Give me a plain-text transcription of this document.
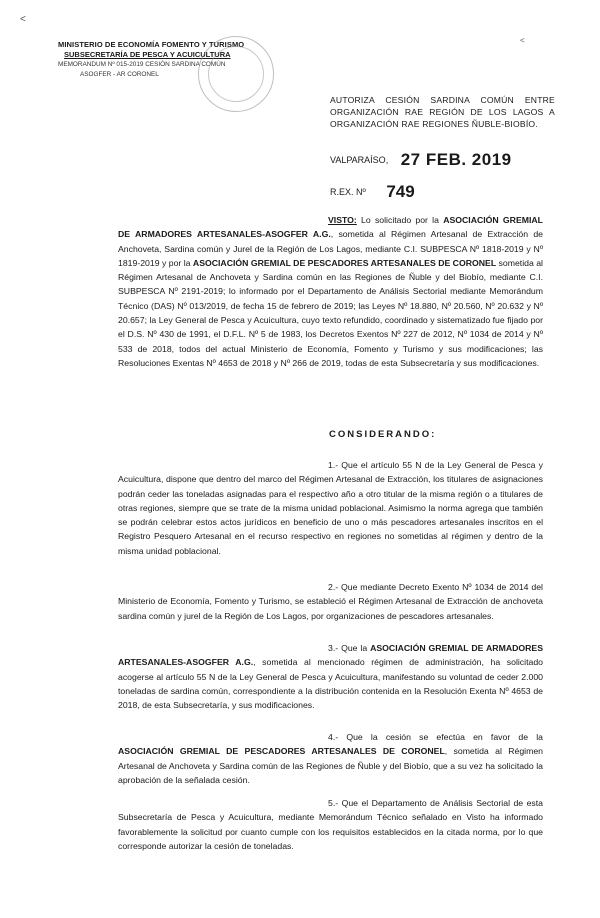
˂
˂
MINISTERIO DE ECONOMÍA FOMENTO Y TURISMO
SUBSECRETARÍA DE PESCA Y ACUICULTURA
MEMORANDUM Nº 015-2019 CESIÓN SARDINA COMÚN
ASOGFER - AR CORONEL
AUTORIZA CESIÓN SARDINA COMÚN ENTRE ORGANIZACIÓN RAE REGIÓN DE LOS LAGOS A ORGANIZACIÓN RAE REGIONES ÑUBLE-BIOBÍO.
VALPARAÍSO, 27 FEB. 2019
R.EX. Nº 749
VISTO: Lo solicitado por la ASOCIACIÓN GREMIAL DE ARMADORES ARTESANALES-ASOGFER A.G., sometida al Régimen Artesanal de Extracción de Anchoveta, Sardina común y Jurel de la Región de Los Lagos, mediante C.I. SUBPESCA Nº 1818-2019 y Nº 1819-2019 y por la ASOCIACIÓN GREMIAL DE PESCADORES ARTESANALES DE CORONEL sometida al Régimen Artesanal de Anchoveta y Sardina común en las Regiones de Ñuble y del Biobío, mediante C.I. SUBPESCA Nº 2191-2019; lo informado por el Departamento de Análisis Sectorial mediante Memorándum Técnico (DAS) Nº 013/2019, de fecha 15 de febrero de 2019; las Leyes Nº 18.880, Nº 20.560, Nº 20.632 y Nº 20.657; la Ley General de Pesca y Acuicultura, cuyo texto refundido, coordinado y sistematizado fue fijado por el D.S. Nº 430 de 1991, el D.F.L. Nº 5 de 1983, los Decretos Exentos Nº 227 de 2012, Nº 1034 de 2014 y Nº 533 de 2018, todos del actual Ministerio de Economía, Fomento y Turismo y sus modificaciones; las Resoluciones Exentas Nº 4653 de 2018 y Nº 266 de 2019, todas de esta Subsecretaría y sus modificaciones.
CONSIDERANDO:
1.- Que el artículo 55 N de la Ley General de Pesca y Acuicultura, dispone que dentro del marco del Régimen Artesanal de Extracción, los titulares de asignaciones podrán ceder las toneladas asignadas para el respectivo año a otro titular de la misma región o a titulares de otras regiones, siempre que se trate de la misma unidad poblacional. Asimismo la norma agrega que también se podrán celebrar estos actos jurídicos en beneficio de uno o más pescadores artesanales inscritos en el Registro Pesquero Artesanal en el recurso respectivo en regiones no sometidas al régimen y dentro de la misma unidad poblacional.
2.- Que mediante Decreto Exento Nº 1034 de 2014 del Ministerio de Economía, Fomento y Turismo, se estableció el Régimen Artesanal de Extracción de anchoveta sardina común y jurel de la Región de Los Lagos, por organizaciones de pescadores artesanales.
3.- Que la ASOCIACIÓN GREMIAL DE ARMADORES ARTESANALES-ASOGFER A.G., sometida al mencionado régimen de administración, ha solicitado acogerse al artículo 55 N de la Ley General de Pesca y Acuicultura, manifestando su voluntad de ceder 2.000 toneladas de sardina común, correspondiente a la distribución contenida en la Resolución Exenta Nº 4653 de 2018, de esta Subsecretaría, y sus modificaciones.
4.- Que la cesión se efectúa en favor de la ASOCIACIÓN GREMIAL DE PESCADORES ARTESANALES DE CORONEL, sometida al Régimen Artesanal de Anchoveta y Sardina común de las Regiones de Ñuble y del Biobío, que a su vez ha solicitado la aprobación de la señalada cesión.
5.- Que el Departamento de Análisis Sectorial de esta Subsecretaría de Pesca y Acuicultura, mediante Memorándum Técnico señalado en Visto ha informado favorablemente la solicitud por cuanto cumple con los requisitos establecidos en la citada norma, por lo que corresponde autorizar la cesión de toneladas.
